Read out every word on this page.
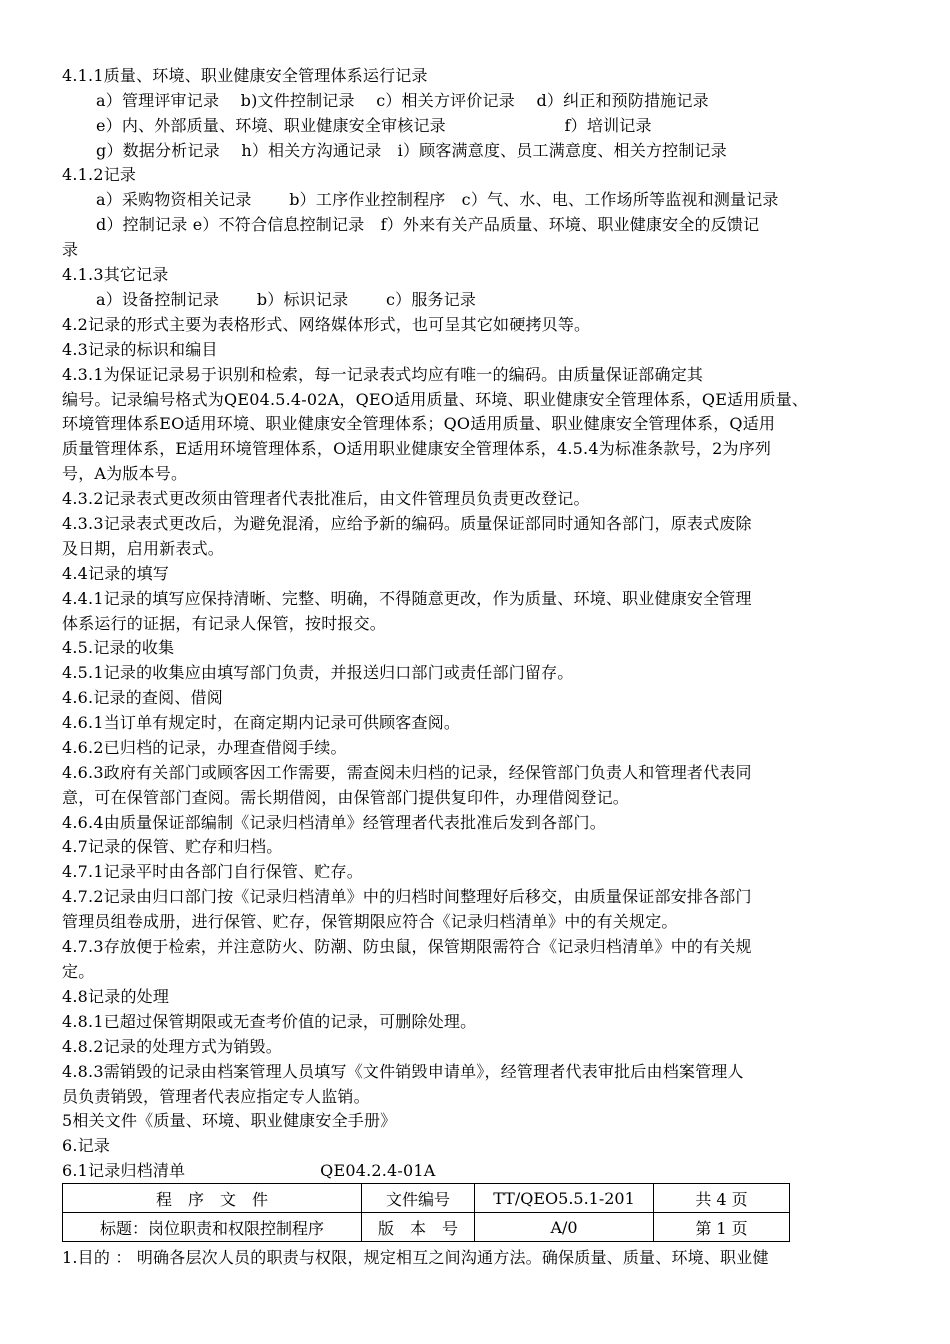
4.1.1质量、环境、职业健康安全管理体系运行记录
a）管理评审记录　 b)文件控制记录　 c）相关方评价记录　 d）纠正和预防措施记录
e）内、外部质量、环境、职业健康安全审核记录　　　　　　　 f）培训记录
g）数据分析记录　 h）相关方沟通记录　i）顾客满意度、员工满意度、相关方控制记录
4.1.2记录
a）采购物资相关记录　　 b）工序作业控制程序　c）气、水、电、工作场所等监视和测量记录
d）控制记录 e）不符合信息控制记录　f）外来有关产品质量、环境、职业健康安全的反馈记
录
4.1.3其它记录
a）设备控制记录　　 b）标识记录　　 c）服务记录
4.2记录的形式主要为表格形式、网络媒体形式，也可呈其它如硬拷贝等。
4.3记录的标识和编目
4.3.1为保证记录易于识别和检索，每一记录表式均应有唯一的编码。由质量保证部确定其
编号。记录编号格式为QE04.5.4-02A，QEO适用质量、环境、职业健康安全管理体系，QE适用质量、
环境管理体系EO适用环境、职业健康安全管理体系；QO适用质量、职业健康安全管理体系，Q适用
质量管理体系，E适用环境管理体系，O适用职业健康安全管理体系，4.5.4为标准条款号，2为序列
号，A为版本号。
4.3.2记录表式更改须由管理者代表批准后，由文件管理员负责更改登记。
4.3.3记录表式更改后，为避免混淆，应给予新的编码。质量保证部同时通知各部门，原表式废除
及日期，启用新表式。
4.4记录的填写
4.4.1记录的填写应保持清晰、完整、明确，不得随意更改，作为质量、环境、职业健康安全管理
体系运行的证据，有记录人保管，按时报交。
4.5.记录的收集
4.5.1记录的收集应由填写部门负责，并报送归口部门或责任部门留存。
4.6.记录的查阅、借阅
4.6.1当订单有规定时，在商定期内记录可供顾客查阅。
4.6.2已归档的记录，办理查借阅手续。
4.6.3政府有关部门或顾客因工作需要，需查阅未归档的记录，经保管部门负责人和管理者代表同
意，可在保管部门查阅。需长期借阅，由保管部门提供复印件，办理借阅登记。
4.6.4由质量保证部编制《记录归档清单》经管理者代表批准后发到各部门。
4.7记录的保管、贮存和归档。
4.7.1记录平时由各部门自行保管、贮存。
4.7.2记录由归口部门按《记录归档清单》中的归档时间整理好后移交，由质量保证部安排各部门
管理员组卷成册，进行保管、贮存，保管期限应符合《记录归档清单》中的有关规定。
4.7.3存放便于检索，并注意防火、防潮、防虫鼠，保管期限需符合《记录归档清单》中的有关规
定。
4.8记录的处理
4.8.1已超过保管期限或无查考价值的记录，可删除处理。
4.8.2记录的处理方式为销毁。
4.8.3需销毁的记录由档案管理人员填写《文件销毁申请单》，经管理者代表审批后由档案管理人
员负责销毁，管理者代表应指定专人监销。
5相关文件《质量、环境、职业健康安全手册》
6.记录
6.1记录归档清单　　　　　　　　 QE04.2.4-01A
程　序　文　件	文件编号	TT/QEO5.5.1-201	共 4 页
标题：岗位职责和权限控制程序	版　本　号	A/0	第 1 页
1.目的 ： 明确各层次人员的职责与权限，规定相互之间沟通方法。确保质量、质量、环境、职业健
